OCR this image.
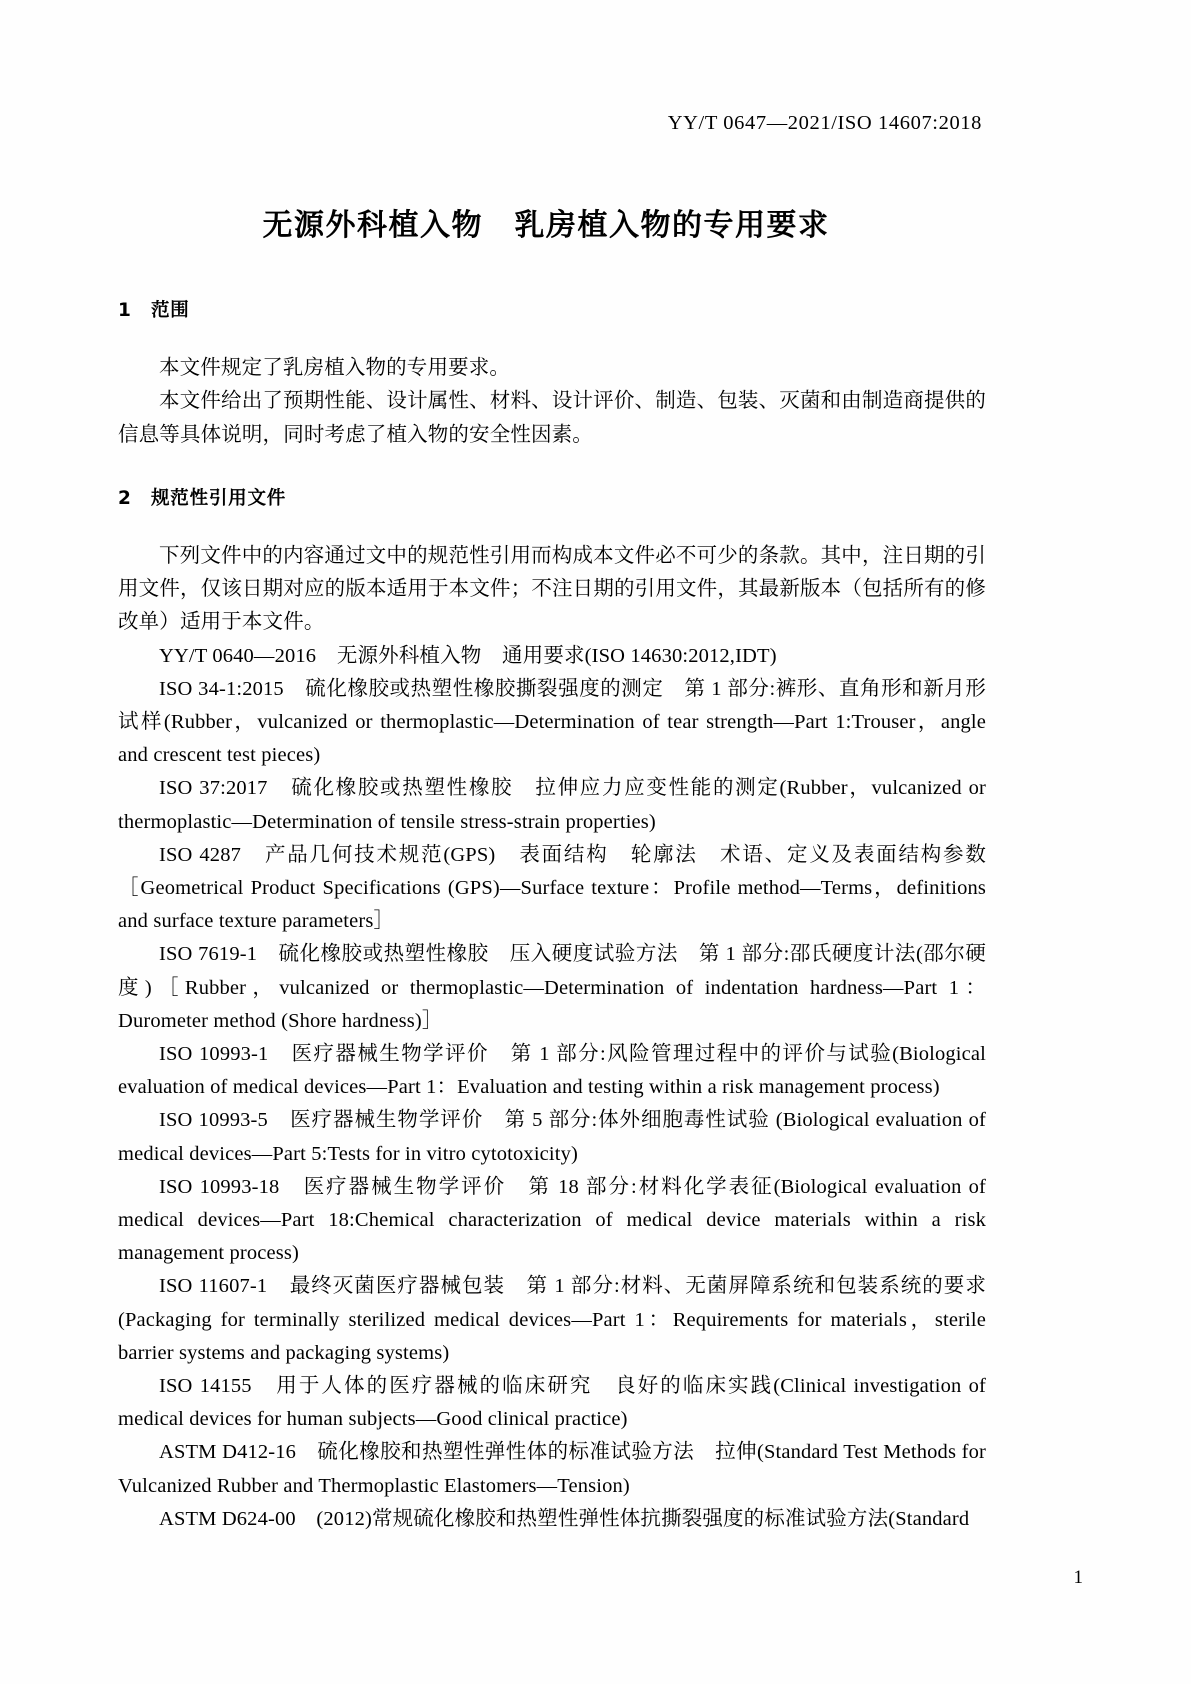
YY/T 0647—2021/ISO 14607:2018
无源外科植入物　乳房植入物的专用要求
1　范围

本文件规定了乳房植入物的专用要求。

本文件给出了预期性能、设计属性、材料、设计评价、制造、包装、灭菌和由制造商提供的信息等具体说明，同时考虑了植入物的安全性因素。

2　规范性引用文件

下列文件中的内容通过文中的规范性引用而构成本文件必不可少的条款。其中，注日期的引用文件，仅该日期对应的版本适用于本文件；不注日期的引用文件，其最新版本（包括所有的修改单）适用于本文件。

YY/T 0640—2016　无源外科植入物　通用要求(ISO 14630:2012,IDT)

ISO 34-1:2015　硫化橡胶或热塑性橡胶撕裂强度的测定　第 1 部分:裤形、直角形和新月形试样(Rubber，vulcanized or thermoplastic—Determination of tear strength—Part 1:Trouser，angle and crescent test pieces)

ISO 37:2017　硫化橡胶或热塑性橡胶　拉伸应力应变性能的测定(Rubber，vulcanized or thermoplastic—Determination of tensile stress-strain properties)

ISO 4287　产品几何技术规范(GPS)　表面结构　轮廓法　术语、定义及表面结构参数［Geometrical Product Specifications (GPS)—Surface texture：Profile method—Terms，definitions and surface texture parameters］

ISO 7619-1　硫化橡胶或热塑性橡胶　压入硬度试验方法　第 1 部分:邵氏硬度计法(邵尔硬度)［Rubber，vulcanized or thermoplastic—Determination of indentation hardness—Part 1：Durometer method (Shore hardness)］

ISO 10993-1　医疗器械生物学评价　第 1 部分:风险管理过程中的评价与试验(Biological evaluation of medical devices—Part 1：Evaluation and testing within a risk management process)

ISO 10993-5　医疗器械生物学评价　第 5 部分:体外细胞毒性试验 (Biological evaluation of medical devices—Part 5:Tests for in vitro cytotoxicity)

ISO 10993-18　医疗器械生物学评价　第 18 部分:材料化学表征(Biological evaluation of medical devices—Part 18:Chemical characterization of medical device materials within a risk management process)

ISO 11607-1　最终灭菌医疗器械包装　第 1 部分:材料、无菌屏障系统和包装系统的要求(Packaging for terminally sterilized medical devices—Part 1：Requirements for materials，sterile barrier systems and packaging systems)

ISO 14155　用于人体的医疗器械的临床研究　良好的临床实践(Clinical investigation of medical devices for human subjects—Good clinical practice)

ASTM D412-16　硫化橡胶和热塑性弹性体的标准试验方法　拉伸(Standard Test Methods for Vulcanized Rubber and Thermoplastic Elastomers—Tension)

ASTM D624-00　(2012)常规硫化橡胶和热塑性弹性体抗撕裂强度的标准试验方法(Standard

1
